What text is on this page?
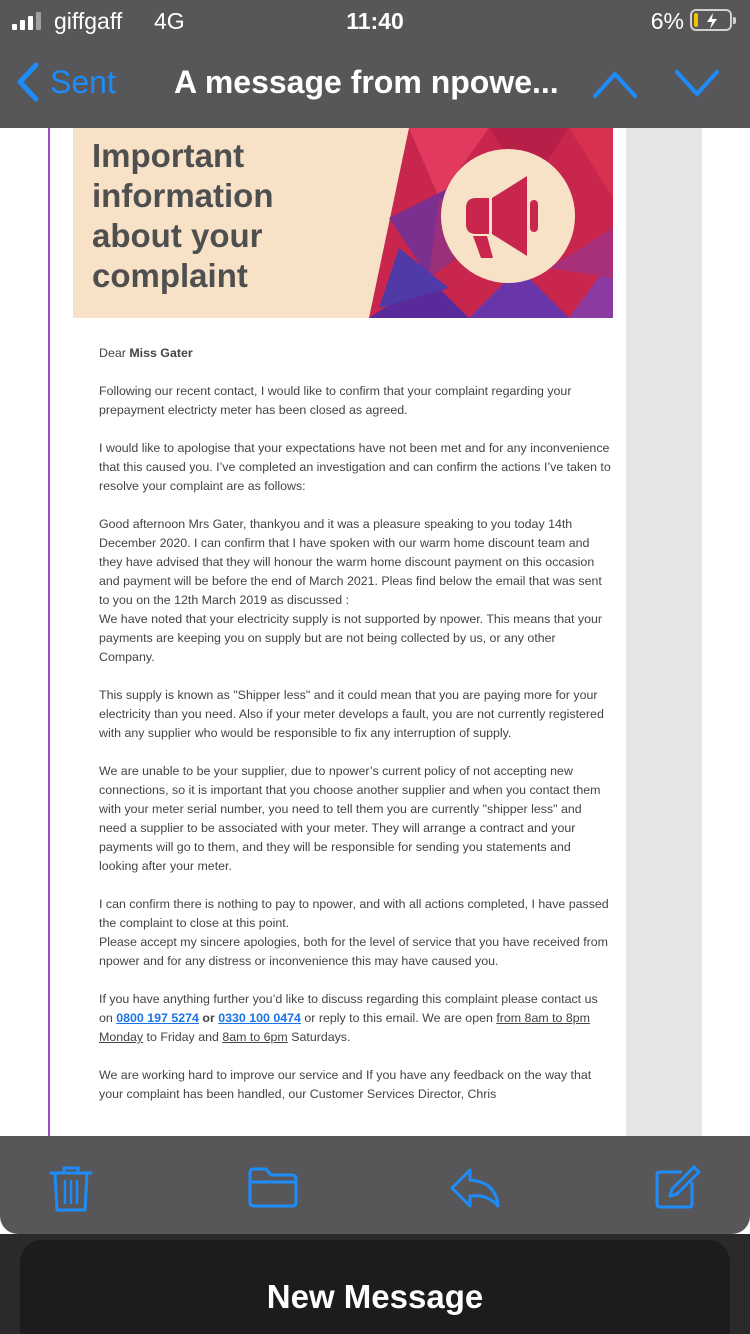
giffgaff 4G	11:40	6%
Sent A message from npowe...
Important
information
about your
complaint

Dear Miss Gater

Following our recent contact, I would like to confirm that your complaint regarding your prepayment electricty meter has been closed as agreed.

I would like to apologise that your expectations have not been met and for any inconvenience that this caused you. I’ve completed an investigation and can confirm the actions I’ve taken to resolve your complaint are as follows:

Good afternoon Mrs Gater, thankyou and it was a pleasure speaking to you today 14th December 2020. I can confirm that I have spoken with our warm home discount team and they have advised that they will honour the warm home discount payment on this occasion and payment will be before the end of March 2021. Pleas find below the email that was sent to you on the 12th March 2019 as discussed :

We have noted that your electricity supply is not supported by npower. This means that your payments are keeping you on supply but are not being collected by us, or any other Company.

This supply is known as "Shipper less" and it could mean that you are paying more for your electricity than you need. Also if your meter develops a fault, you are not currently registered with any supplier who would be responsible to fix any interruption of supply.

We are unable to be your supplier, due to npower’s current policy of not accepting new connections, so it is important that you choose another supplier and when you contact them with your meter serial number, you need to tell them you are currently "shipper less" and need a supplier to be associated with your meter. They will arrange a contract and your payments will go to them, and they will be responsible for sending you statements and looking after your meter.

I can confirm there is nothing to pay to npower, and with all actions completed, I have passed the complaint to close at this point.

Please accept my sincere apologies, both for the level of service that you have received from npower and for any distress or inconvenience this may have caused you.

If you have anything further you’d like to discuss regarding this complaint please contact us on 0800 197 5274 or 0330 100 0474 or reply to this email. We are open from 8am to 8pm Monday to Friday and 8am to 6pm Saturdays.

We are working hard to improve our service and If you have any feedback on the way that your complaint has been handled, our Customer Services Director, Chris

New Message
